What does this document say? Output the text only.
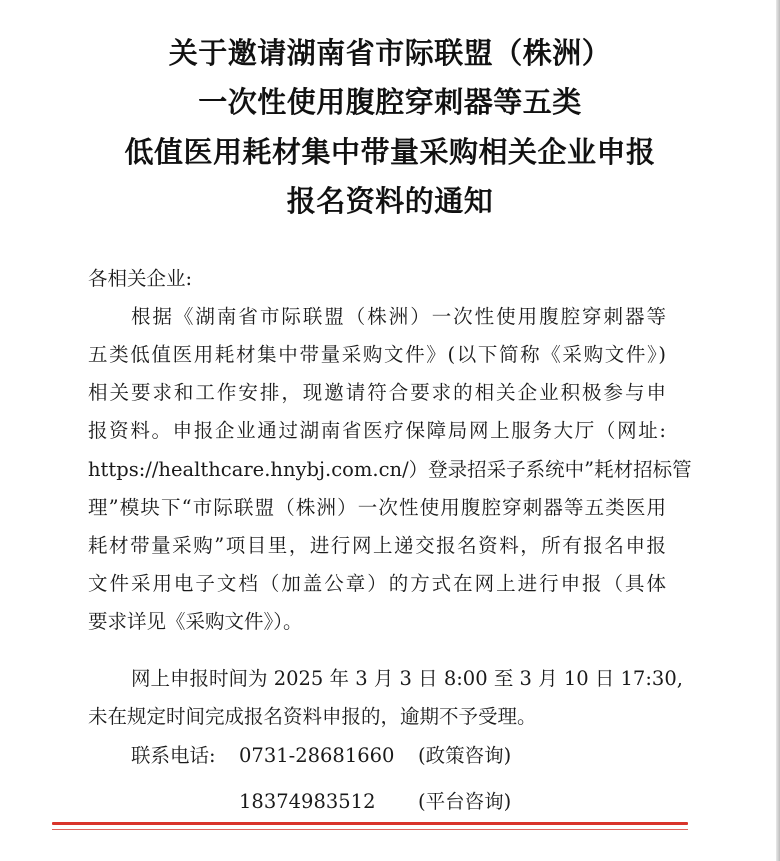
关于邀请湖南省市际联盟（株洲）
一次性使用腹腔穿刺器等五类
低值医用耗材集中带量采购相关企业申报
报名资料的通知
各相关企业:
根据《湖南省市际联盟（株洲）一次性使用腹腔穿刺器等
五类低值医用耗材集中带量采购文件》(以下简称《采购文件》)
相关要求和工作安排，现邀请符合要求的相关企业积极参与申
报资料。申报企业通过湖南省医疗保障局网上服务大厅（网址:
https://healthcare.hnybj.com.cn/）登录招采子系统中”耗材招标管
理”模块下“市际联盟（株洲）一次性使用腹腔穿刺器等五类医用
耗材带量采购”项目里，进行网上递交报名资料，所有报名申报
文件采用电子文档（加盖公章）的方式在网上进行申报（具体
要求详见《采购文件》）。
网上申报时间为 2025 年 3 月 3 日 8:00 至 3 月 10 日 17:30,
未在规定时间完成报名资料申报的，逾期不予受理。
联系电话: 0731-28681660 (政策咨询)
18374983512 (平台咨询)
